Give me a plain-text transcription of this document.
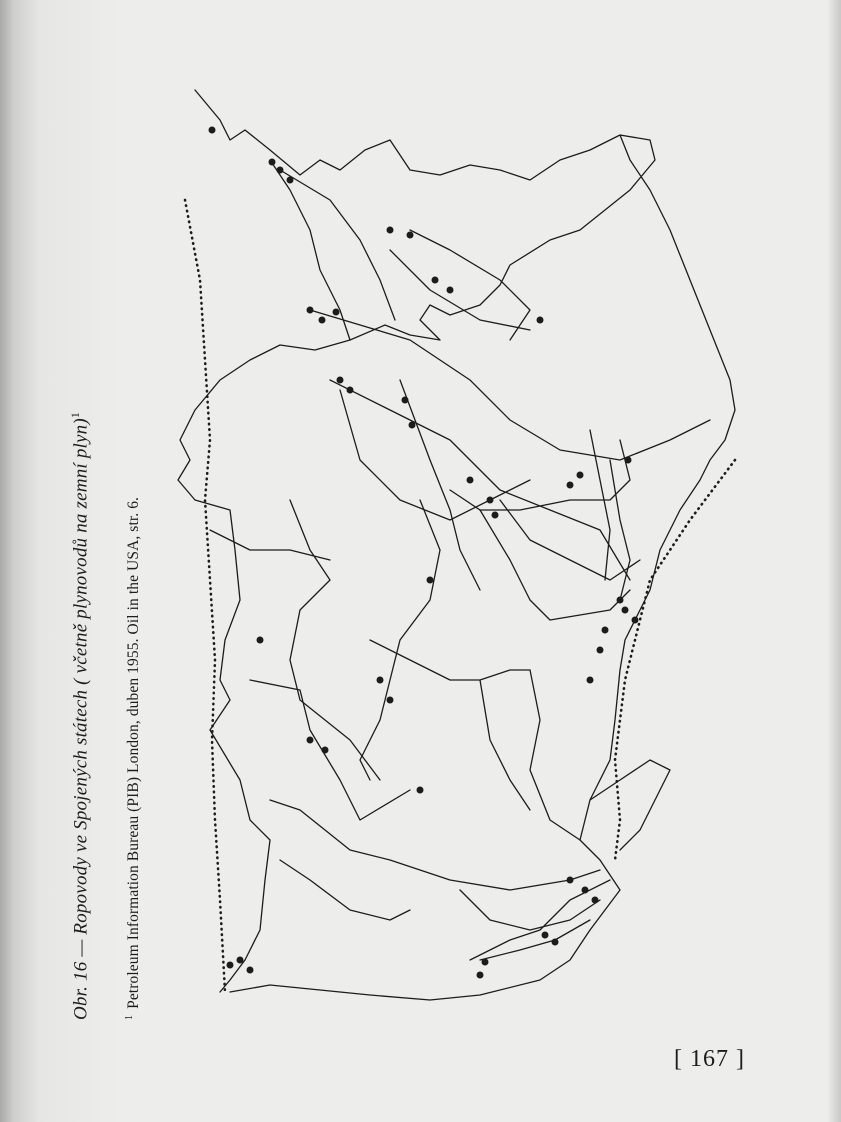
Obr. 16 — Ropovody ve Spojených státech ( včetně plynovodů na zemní plyn)$^1$
$^1$Petroleum Information Bureau (PIB) London, duben 1955. Oil in the USA, str. 6.
[ 167 ]
